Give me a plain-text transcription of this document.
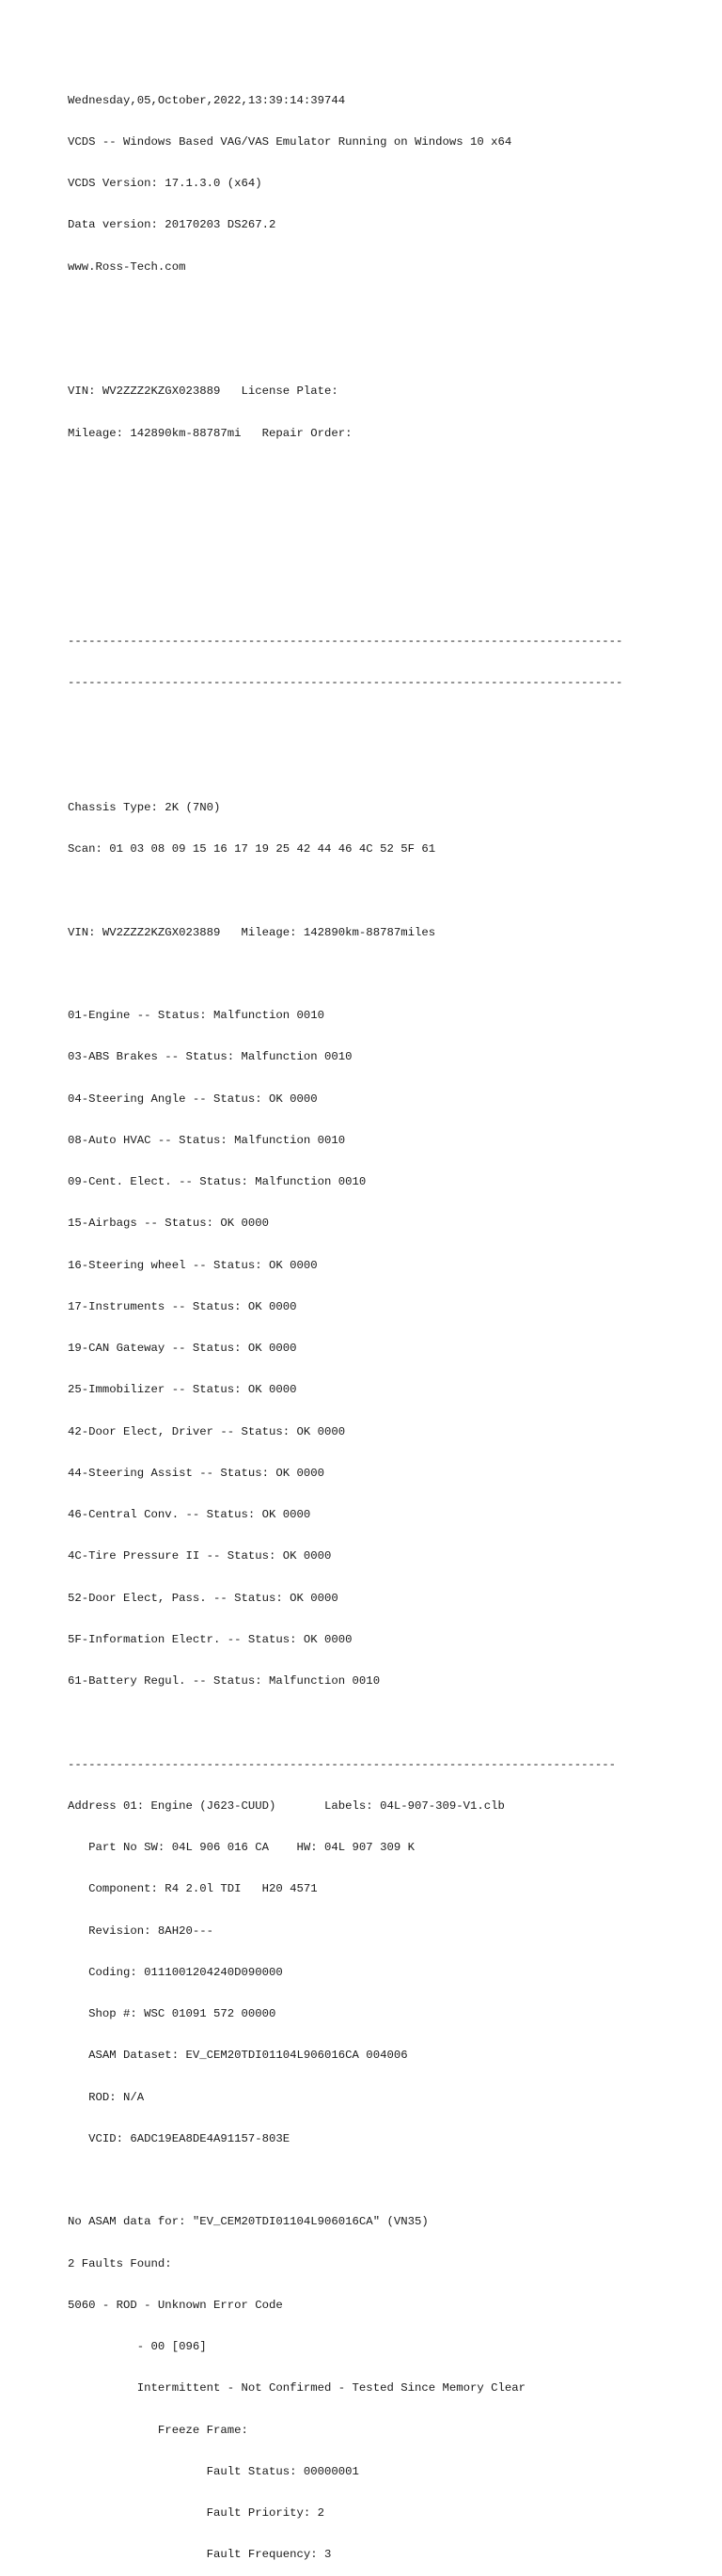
Wednesday,05,October,2022,13:39:14:39744

VCDS -- Windows Based VAG/VAS Emulator Running on Windows 10 x64

VCDS Version: 17.1.3.0 (x64)

Data version: 20170203 DS267.2

www.Ross-Tech.com

VIN: WV2ZZZ2KZGX023889   License Plate:

Mileage: 142890km-88787mi   Repair Order:

--------------------------------------------------------------------------------

--------------------------------------------------------------------------------

Chassis Type: 2K (7N0)

Scan: 01 03 08 09 15 16 17 19 25 42 44 46 4C 52 5F 61

VIN: WV2ZZZ2KZGX023889   Mileage: 142890km-88787miles

01-Engine -- Status: Malfunction 0010

03-ABS Brakes -- Status: Malfunction 0010

04-Steering Angle -- Status: OK 0000

08-Auto HVAC -- Status: Malfunction 0010

09-Cent. Elect. -- Status: Malfunction 0010

15-Airbags -- Status: OK 0000

16-Steering wheel -- Status: OK 0000

17-Instruments -- Status: OK 0000

19-CAN Gateway -- Status: OK 0000

25-Immobilizer -- Status: OK 0000

42-Door Elect, Driver -- Status: OK 0000

44-Steering Assist -- Status: OK 0000

46-Central Conv. -- Status: OK 0000

4C-Tire Pressure II -- Status: OK 0000

52-Door Elect, Pass. -- Status: OK 0000

5F-Information Electr. -- Status: OK 0000

61-Battery Regul. -- Status: Malfunction 0010

-------------------------------------------------------------------------------

Address 01: Engine (J623-CUUD)       Labels: 04L-907-309-V1.clb

Part No SW: 04L 906 016 CA    HW: 04L 907 309 K

Component: R4 2.0l TDI   H20 4571

Revision: 8AH20---

Coding: 0111001204240D090000

Shop #: WSC 01091 572 00000

ASAM Dataset: EV_CEM20TDI01104L906016CA 004006

ROD: N/A

VCID: 6ADC19EA8DE4A91157-803E

No ASAM data for: "EV_CEM20TDI01104L906016CA" (VN35)

2 Faults Found:

5060 - ROD - Unknown Error Code

- 00 [096]

Intermittent - Not Confirmed - Tested Since Memory Clear

Freeze Frame:

Fault Status: 00000001

Fault Priority: 2

Fault Frequency: 3
